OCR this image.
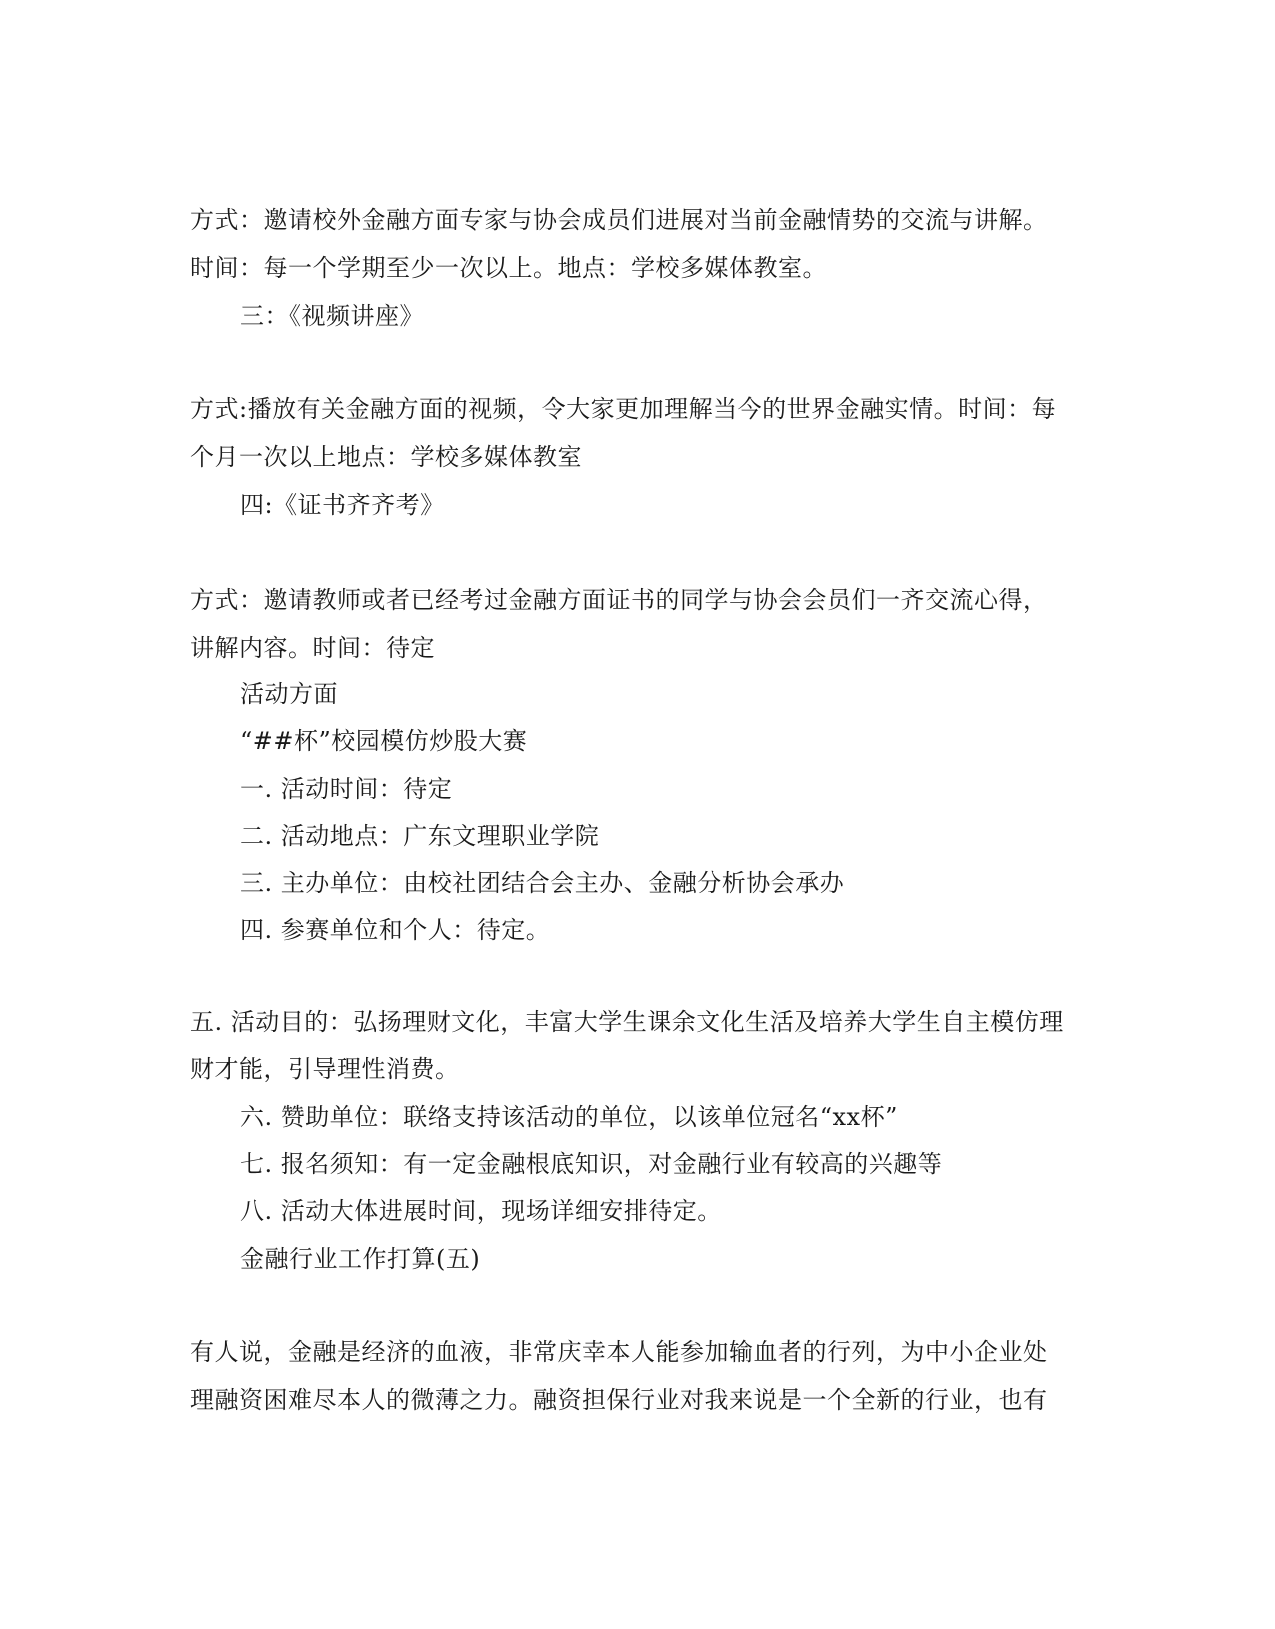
方式：邀请校外金融方面专家与协会成员们进展对当前金融情势的交流与讲解。
时间：每一个学期至少一次以上。地点：学校多媒体教室。
三：《视频讲座》
方式:播放有关金融方面的视频，令大家更加理解当今的世界金融实情。时间：每
个月一次以上地点：学校多媒体教室
四:《证书齐齐考》
方式：邀请教师或者已经考过金融方面证书的同学与协会会员们一齐交流心得，
讲解内容。时间：待定
活动方面
“##杯”校园模仿炒股大赛
一. 活动时间：待定
二. 活动地点：广东文理职业学院
三. 主办单位：由校社团结合会主办、金融分析协会承办
四. 参赛单位和个人：待定。
五. 活动目的：弘扬理财文化，丰富大学生课余文化生活及培养大学生自主模仿理
财才能，引导理性消费。
六. 赞助单位：联络支持该活动的单位，以该单位冠名“xx杯”
七. 报名须知：有一定金融根底知识，对金融行业有较高的兴趣等
八. 活动大体进展时间，现场详细安排待定。
金融行业工作打算(五)
有人说，金融是经济的血液，非常庆幸本人能参加输血者的行列，为中小企业处
理融资困难尽本人的微薄之力。融资担保行业对我来说是一个全新的行业，也有
